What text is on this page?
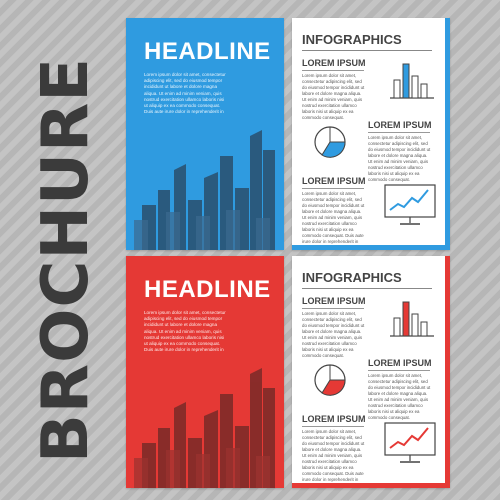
BROCHURE
HEADLINE
Lorem ipsum dolor sit amet, consectetur
adipiscing elit, sed do eiusmod tempor
incididunt ut labore et dolore magna
aliqua. Ut enim ad minim veniam, quis
nostrud exercitation ullamco laboris nisi
ut aliquip ex ea commodo consequat.
Duis aute irure dolor in reprehenderit in
HEADLINE
Lorem ipsum dolor sit amet, consectetur
adipiscing elit, sed do eiusmod tempor
incididunt ut labore et dolore magna
aliqua. Ut enim ad minim veniam, quis
nostrud exercitation ullamco laboris nisi
ut aliquip ex ea commodo consequat.
Duis aute irure dolor in reprehenderit in
INFOGRAPHICS
LOREM IPSUM
Lorem ipsum dolor sit amet, consectetur adipiscing elit, sed do eiusmod tempor incididunt ut labore et dolore magna aliqua. Ut enim ad minim veniam, quis nostrud exercitation ullamco laboris nisi ut aliquip ex ea commodo consequat.
LOREM IPSUM
Lorem ipsum dolor sit amet, consectetur adipiscing elit, sed do eiusmod tempor incididunt ut labore et dolore magna aliqua. Ut enim ad minim veniam, quis nostrud exercitation ullamco laboris nisi ut aliquip ex ea commodo consequat.
LOREM IPSUM
Lorem ipsum dolor sit amet, consectetur adipiscing elit, sed do eiusmod tempor incididunt ut labore et dolore magna aliqua. Ut enim ad minim veniam, quis nostrud exercitation ullamco laboris nisi ut aliquip ex ea commodo consequat. Duis aute irure dolor in reprehenderit in
INFOGRAPHICS
LOREM IPSUM
Lorem ipsum dolor sit amet, consectetur adipiscing elit, sed do eiusmod tempor incididunt ut labore et dolore magna aliqua. Ut enim ad minim veniam, quis nostrud exercitation ullamco laboris nisi ut aliquip ex ea commodo consequat.
LOREM IPSUM
Lorem ipsum dolor sit amet, consectetur adipiscing elit, sed do eiusmod tempor incididunt ut labore et dolore magna aliqua. Ut enim ad minim veniam, quis nostrud exercitation ullamco laboris nisi ut aliquip ex ea commodo consequat.
LOREM IPSUM
Lorem ipsum dolor sit amet, consectetur adipiscing elit, sed do eiusmod tempor incididunt ut labore et dolore magna aliqua. Ut enim ad minim veniam, quis nostrud exercitation ullamco laboris nisi ut aliquip ex ea commodo consequat. Duis aute irure dolor in reprehenderit in
